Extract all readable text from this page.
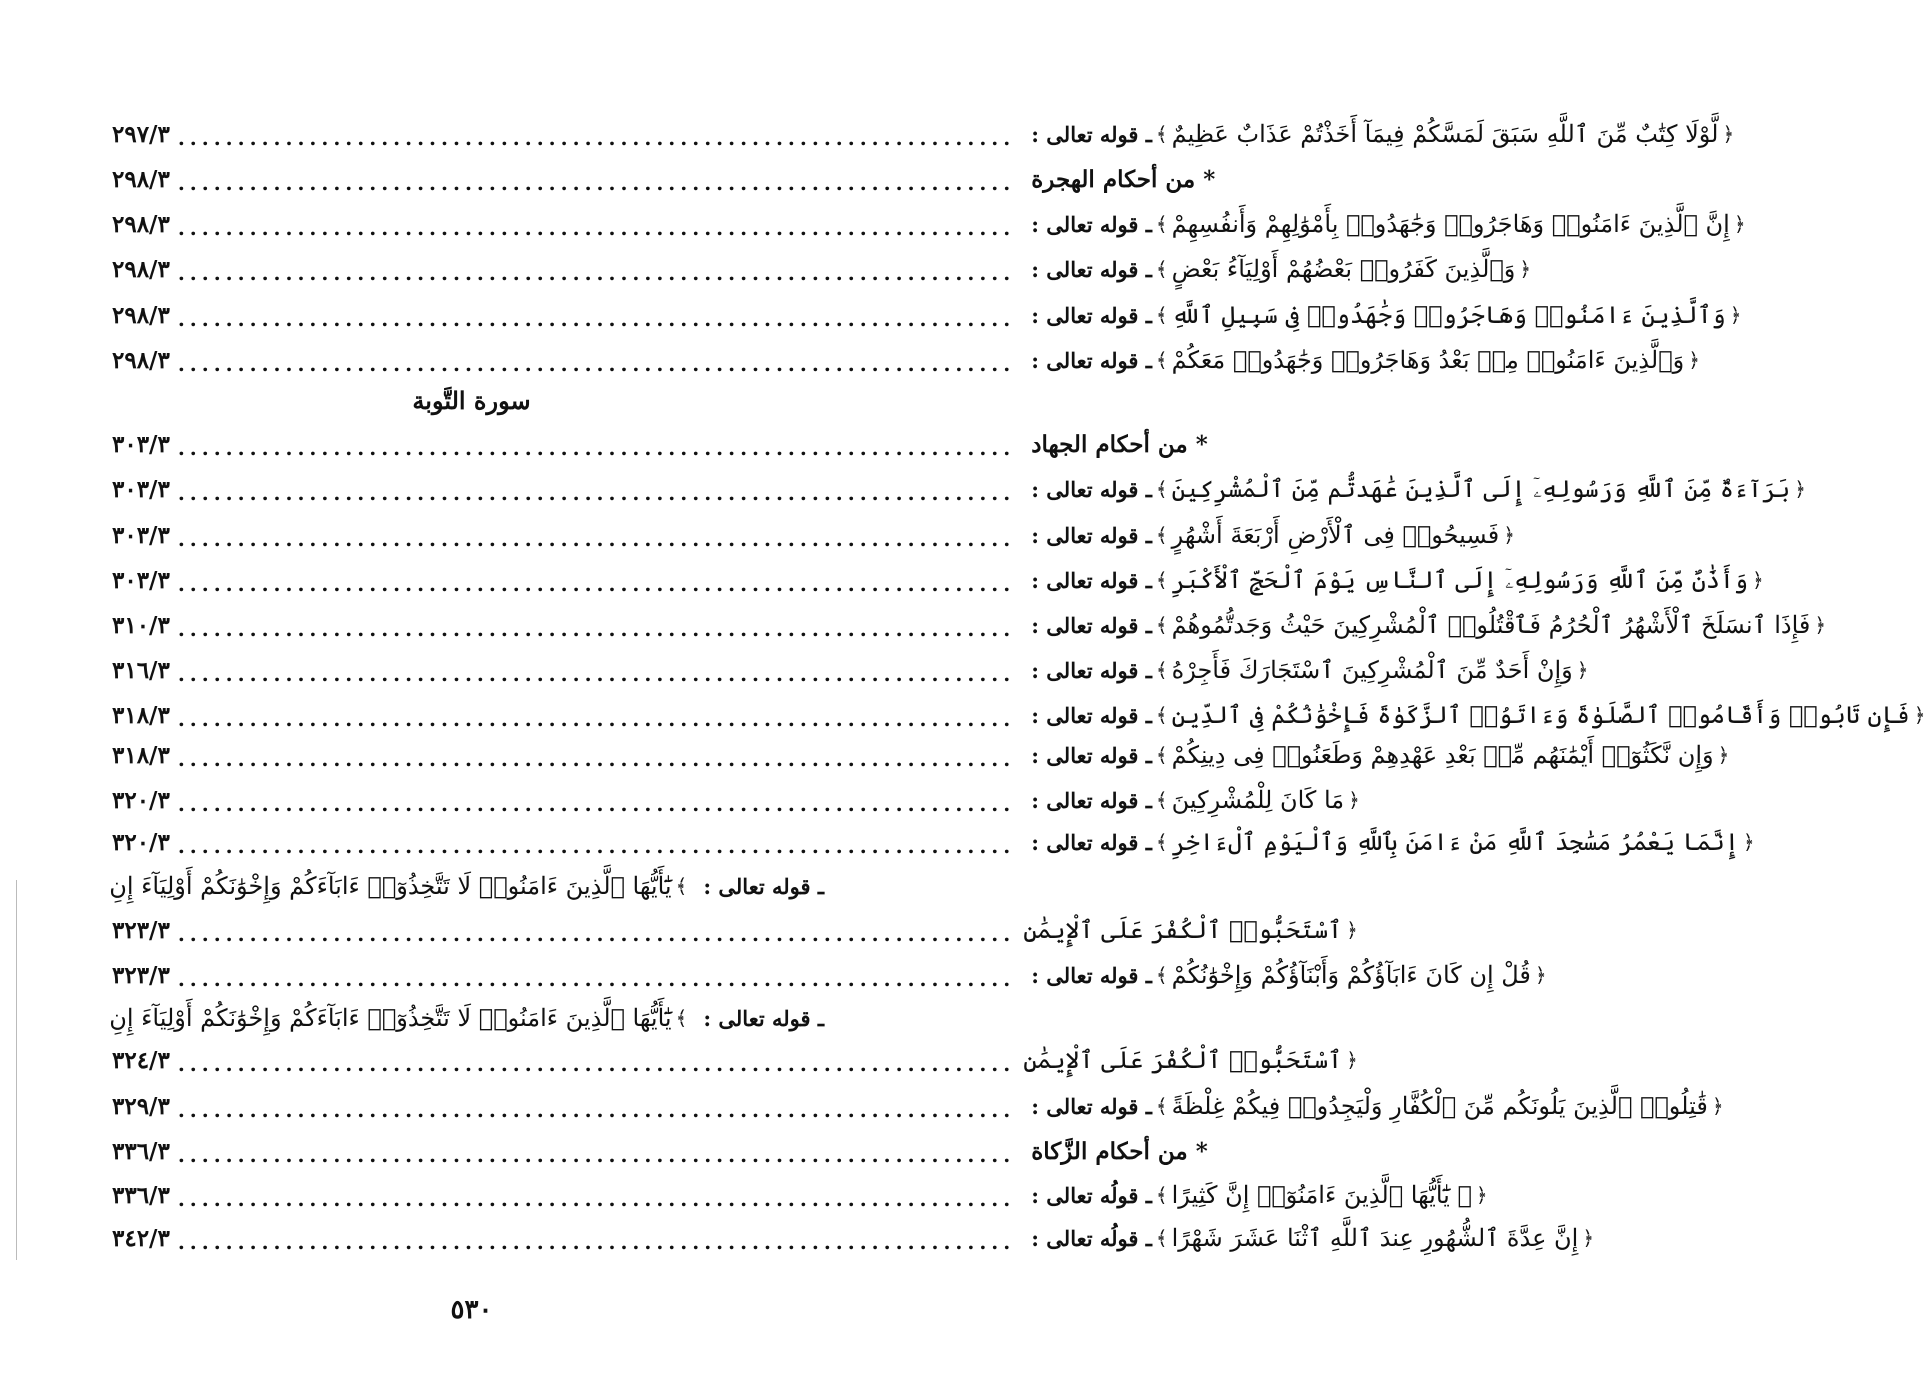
٢٩٧/٣ ...................................................................... ـ قوله تعالى : ﴾ لَّوْلَا كِتَٰبٌ مِّنَ ٱللَّهِ سَبَقَ لَمَسَّكُمْ فِيمَآ أَخَذْتُمْ عَذَابٌ عَظِيمٌ ﴿
٢٩٨/٣ ...................................................................... * من أحكام الهجرة
٢٩٨/٣ ...................................................................... ـ قوله تعالى : ﴾ إِنَّ ٱلَّذِينَ ءَامَنُوا۟ وَهَاجَرُوا۟ وَجَٰهَدُوا۟ بِأَمْوَٰلِهِمْ وَأَنفُسِهِمْ ﴿
٢٩٨/٣ ...................................................................... ـ قوله تعالى : ﴾ وَٱلَّذِينَ كَفَرُوا۟ بَعْضُهُمْ أَوْلِيَآءُ بَعْضٍ ﴿
٢٩٨/٣ ...................................................................... ـ قوله تعالى : ﴾ وَٱلَّذِينَ ءَامَنُوا۟ وَهَاجَرُوا۟ وَجَٰهَدُوا۟ فِى سَبِيلِ ٱللَّهِ ﴿
٢٩٨/٣ ...................................................................... ـ قوله تعالى : ﴾ وَٱلَّذِينَ ءَامَنُوا۟ مِنۢ بَعْدُ وَهَاجَرُوا۟ وَجَٰهَدُوا۟ مَعَكُمْ ﴿
سورة التَّوبة
٣٠٣/٣ ...................................................................... * من أحكام الجهاد
٣٠٣/٣ ...................................................................... ـ قوله تعالى : ﴾ بَرَآءَةٌ مِّنَ ٱللَّهِ وَرَسُولِهِۦٓ إِلَى ٱلَّذِينَ عَٰهَدتُّم مِّنَ ٱلْمُشْرِكِينَ ﴿
٣٠٣/٣ ...................................................................... ـ قوله تعالى : ﴾ فَسِيحُوا۟ فِى ٱلْأَرْضِ أَرْبَعَةَ أَشْهُرٍ ﴿
٣٠٣/٣ ...................................................................... ـ قوله تعالى : ﴾ وَأَذَٰنٌ مِّنَ ٱللَّهِ وَرَسُولِهِۦٓ إِلَى ٱلنَّاسِ يَوْمَ ٱلْحَجِّ ٱلْأَكْبَرِ ﴿
٣١٠/٣ ...................................................................... ـ قوله تعالى : ﴾ فَإِذَا ٱنسَلَخَ ٱلْأَشْهُرُ ٱلْحُرُمُ فَٱقْتُلُوا۟ ٱلْمُشْرِكِينَ حَيْثُ وَجَدتُّمُوهُمْ ﴿
٣١٦/٣ ...................................................................... ـ قوله تعالى : ﴾ وَإِنْ أَحَدٌ مِّنَ ٱلْمُشْرِكِينَ ٱسْتَجَارَكَ فَأَجِرْهُ ﴿
٣١٨/٣ ...................................................................... ـ قوله تعالى : ﴾ فَإِن تَابُوا۟ وَأَقَامُوا۟ ٱلصَّلَوٰةَ وَءَاتَوُا۟ ٱلزَّكَوٰةَ فَإِخْوَٰنُكُمْ فِى ٱلدِّينِ ﴿
٣١٨/٣ ...................................................................... ـ قوله تعالى : ﴾ وَإِن نَّكَثُوٓا۟ أَيْمَٰنَهُم مِّنۢ بَعْدِ عَهْدِهِمْ وَطَعَنُوا۟ فِى دِينِكُمْ ﴿
٣٢٠/٣ ...................................................................... ـ قوله تعالى : ﴾ مَا كَانَ لِلْمُشْرِكِينَ ﴿
٣٢٠/٣ ...................................................................... ـ قوله تعالى : ﴾ إِنَّمَا يَعْمُرُ مَسَٰجِدَ ٱللَّهِ مَنْ ءَامَنَ بِٱللَّهِ وَٱلْيَوْمِ ٱلْءَاخِرِ ﴿
ـ قوله تعالى :
﴾
يَٰٓأَيُّهَا ٱلَّذِينَ ءَامَنُوا۟ لَا تَتَّخِذُوٓا۟ ءَابَآءَكُمْ وَإِخْوَٰنَكُمْ أَوْلِيَآءَ إِنِ
٣٢٣/٣ ...................................................................... ٱسْتَحَبُّوا۟ ٱلْكُفْرَ عَلَى ٱلْإِيمَٰنِ ﴿
٣٢٣/٣ ...................................................................... ـ قوله تعالى : ﴾ قُلْ إِن كَانَ ءَابَآؤُكُمْ وَأَبْنَآؤُكُمْ وَإِخْوَٰنُكُمْ ﴿
ـ قوله تعالى :
﴾
يَٰٓأَيُّهَا ٱلَّذِينَ ءَامَنُوا۟ لَا تَتَّخِذُوٓا۟ ءَابَآءَكُمْ وَإِخْوَٰنَكُمْ أَوْلِيَآءَ إِنِ
٣٢٤/٣ ...................................................................... ٱسْتَحَبُّوا۟ ٱلْكُفْرَ عَلَى ٱلْإِيمَٰنِ ﴿
٣٢٩/٣ ...................................................................... ـ قوله تعالى : ﴾ قَٰتِلُوا۟ ٱلَّذِينَ يَلُونَكُم مِّنَ ٱلْكُفَّارِ وَلْيَجِدُوا۟ فِيكُمْ غِلْظَةً ﴿
٣٣٦/٣ ...................................................................... * من أحكام الزَّكاة
٣٣٦/٣ ...................................................................... ـ قولُه تعالى : ﴾ ۞ يَٰٓأَيُّهَا ٱلَّذِينَ ءَامَنُوٓا۟ إِنَّ كَثِيرًا ﴿
٣٤٢/٣ ...................................................................... ـ قولُه تعالى : ﴾ إِنَّ عِدَّةَ ٱلشُّهُورِ عِندَ ٱللَّهِ ٱثْنَا عَشَرَ شَهْرًا ﴿
٥٣٠
